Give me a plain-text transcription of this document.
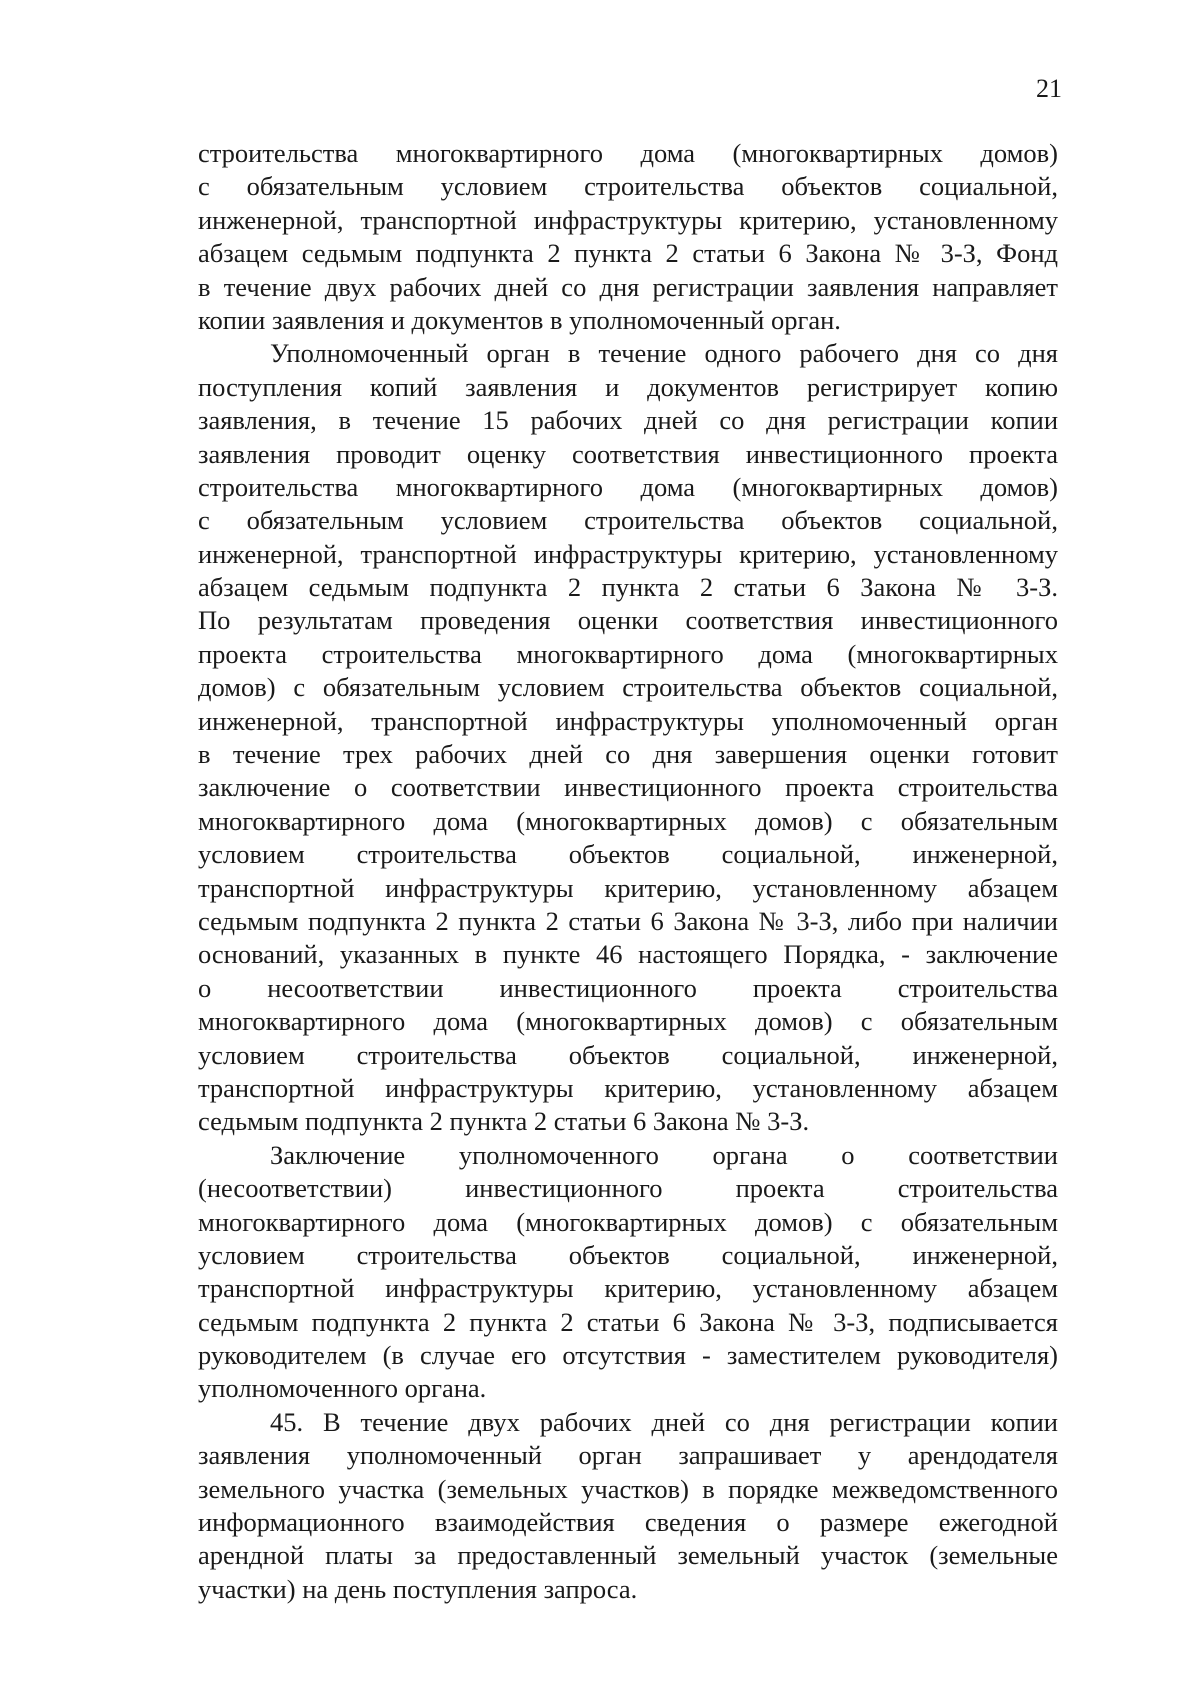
21
строительства многоквартирного дома (многоквартирных домов)
с обязательным условием строительства объектов социальной,
инженерной, транспортной инфраструктуры критерию, установленному
абзацем седьмым подпункта 2 пункта 2 статьи 6 Закона № 3-З, Фонд
в течение двух рабочих дней со дня регистрации заявления направляет
копии заявления и документов в уполномоченный орган.
Уполномоченный орган в течение одного рабочего дня со дня
поступления копий заявления и документов регистрирует копию
заявления, в течение 15 рабочих дней со дня регистрации копии
заявления проводит оценку соответствия инвестиционного проекта
строительства многоквартирного дома (многоквартирных домов)
с обязательным условием строительства объектов социальной,
инженерной, транспортной инфраструктуры критерию, установленному
абзацем седьмым подпункта 2 пункта 2 статьи 6 Закона № 3-З.
По результатам проведения оценки соответствия инвестиционного
проекта строительства многоквартирного дома (многоквартирных
домов) с обязательным условием строительства объектов социальной,
инженерной, транспортной инфраструктуры уполномоченный орган
в течение трех рабочих дней со дня завершения оценки готовит
заключение о соответствии инвестиционного проекта строительства
многоквартирного дома (многоквартирных домов) с обязательным
условием строительства объектов социальной, инженерной,
транспортной инфраструктуры критерию, установленному абзацем
седьмым подпункта 2 пункта 2 статьи 6 Закона № 3-З, либо при наличии
оснований, указанных в пункте 46 настоящего Порядка, - заключение
о несоответствии инвестиционного проекта строительства
многоквартирного дома (многоквартирных домов) с обязательным
условием строительства объектов социальной, инженерной,
транспортной инфраструктуры критерию, установленному абзацем
седьмым подпункта 2 пункта 2 статьи 6 Закона № 3-З.
Заключение уполномоченного органа о соответствии
(несоответствии) инвестиционного проекта строительства
многоквартирного дома (многоквартирных домов) с обязательным
условием строительства объектов социальной, инженерной,
транспортной инфраструктуры критерию, установленному абзацем
седьмым подпункта 2 пункта 2 статьи 6 Закона № 3-З, подписывается
руководителем (в случае его отсутствия - заместителем руководителя)
уполномоченного органа.
45. В течение двух рабочих дней со дня регистрации копии
заявления уполномоченный орган запрашивает у арендодателя
земельного участка (земельных участков) в порядке межведомственного
информационного взаимодействия сведения о размере ежегодной
арендной платы за предоставленный земельный участок (земельные
участки) на день поступления запроса.
